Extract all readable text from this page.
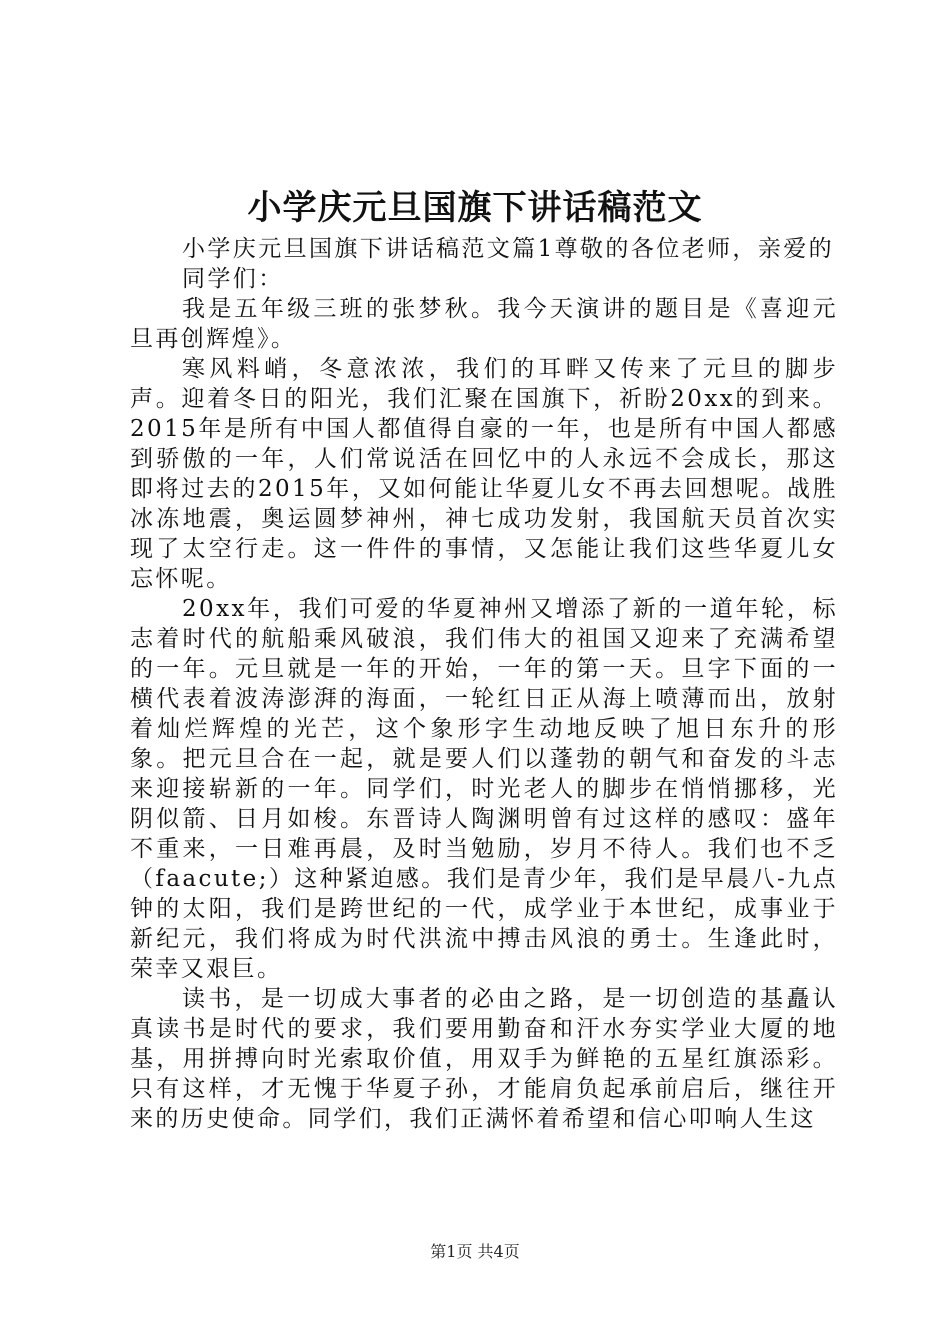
小学庆元旦国旗下讲话稿范文

小学庆元旦国旗下讲话稿范文篇1尊敬的各位老师，亲爱的

同学们：

我是五年级三班的张梦秋。我今天演讲的题目是《喜迎元旦再创辉煌》。

寒风料峭，冬意浓浓，我们的耳畔又传来了元旦的脚步声。迎着冬日的阳光，我们汇聚在国旗下，祈盼20xx的到来。2015年是所有中国人都值得自豪的一年，也是所有中国人都感到骄傲的一年，人们常说活在回忆中的人永远不会成长，那这即将过去的2015年，又如何能让华夏儿女不再去回想呢。战胜冰冻地震，奥运圆梦神州，神七成功发射，我国航天员首次实现了太空行走。这一件件的事情，又怎能让我们这些华夏儿女忘怀呢。

20xx年，我们可爱的华夏神州又增添了新的一道年轮，标志着时代的航船乘风破浪，我们伟大的祖国又迎来了充满希望的一年。元旦就是一年的开始，一年的第一天。旦字下面的一横代表着波涛澎湃的海面，一轮红日正从海上喷薄而出，放射着灿烂辉煌的光芒，这个象形字生动地反映了旭日东升的形象。把元旦合在一起，就是要人们以蓬勃的朝气和奋发的斗志来迎接崭新的一年。同学们，时光老人的脚步在悄悄挪移，光阴似箭、日月如梭。东晋诗人陶渊明曾有过这样的感叹：盛年不重来，一日难再晨，及时当勉励，岁月不待人。我们也不乏（faacute;）这种紧迫感。我们是青少年，我们是早晨八-九点钟的太阳，我们是跨世纪的一代，成学业于本世纪，成事业于新纪元，我们将成为时代洪流中搏击风浪的勇士。生逢此时，荣幸又艰巨。

读书，是一切成大事者的必由之路，是一切创造的基矗认真读书是时代的要求，我们要用勤奋和汗水夯实学业大厦的地基，用拼搏向时光索取价值，用双手为鲜艳的五星红旗添彩。只有这样，才无愧于华夏子孙，才能肩负起承前启后，继往开来的历史使命。同学们，我们正满怀着希望和信心叩响人生这

第1页 共4页
